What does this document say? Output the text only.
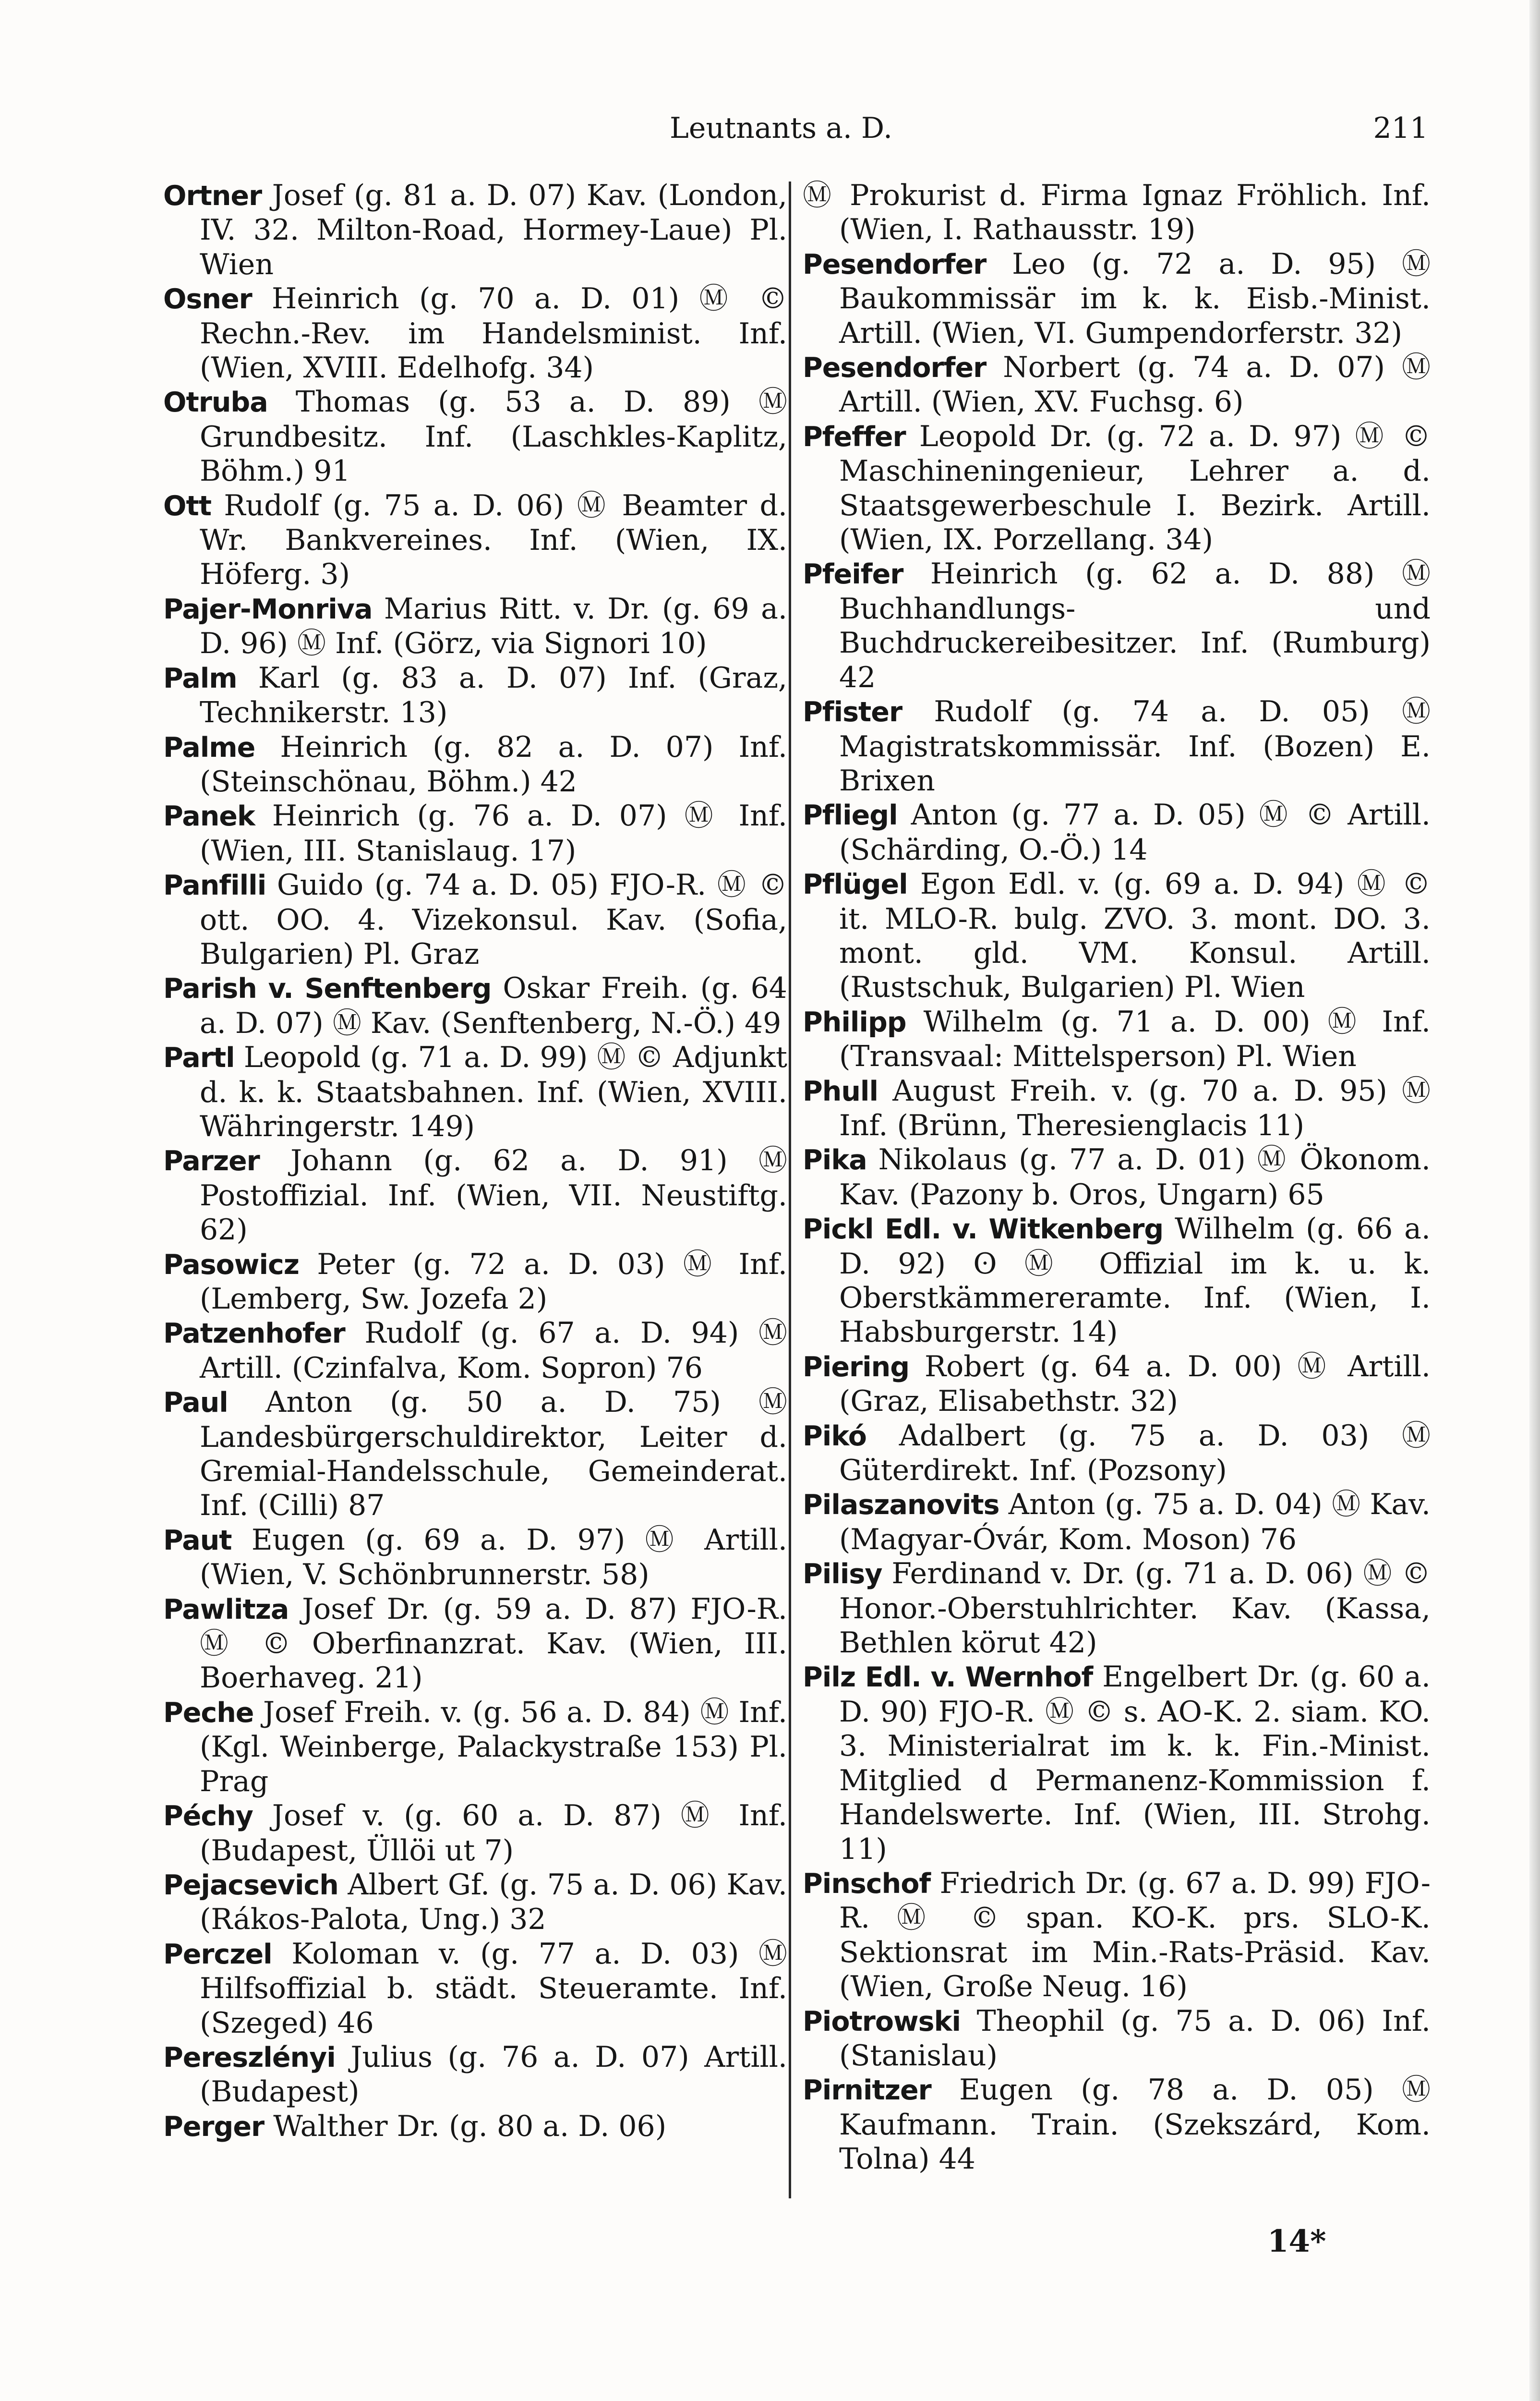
Leutnants a. D.	211

Ortner Josef (g. 81 a. D. 07) Kav. (London, IV. 32. Milton-Road, Hormey-Laue) Pl. Wien

Osner Heinrich (g. 70 a. D. 01) Ⓜ © Rechn.-Rev. im Handelsminist. Inf. (Wien, XVIII. Edelhofg. 34)

Otruba Thomas (g. 53 a. D. 89) Ⓜ Grundbesitz. Inf. (Laschkles-Kaplitz, Böhm.) 91

Ott Rudolf (g. 75 a. D. 06) Ⓜ Beamter d. Wr. Bankvereines. Inf. (Wien, IX. Höferg. 3)

Pajer-Monriva Marius Ritt. v. Dr. (g. 69 a. D. 96) Ⓜ Inf. (Görz, via Signori 10)

Palm Karl (g. 83 a. D. 07) Inf. (Graz, Technikerstr. 13)

Palme Heinrich (g. 82 a. D. 07) Inf. (Steinschönau, Böhm.) 42

Panek Heinrich (g. 76 a. D. 07) Ⓜ Inf. (Wien, III. Stanislaug. 17)

Panfilli Guido (g. 74 a. D. 05) FJO-R. Ⓜ © ott. OO. 4. Vizekonsul. Kav. (Sofia, Bulgarien) Pl. Graz

Parish v. Senftenberg Oskar Freih. (g. 64 a. D. 07) Ⓜ Kav. (Senftenberg, N.-Ö.) 49

Partl Leopold (g. 71 a. D. 99) Ⓜ © Adjunkt d. k. k. Staatsbahnen. Inf. (Wien, XVIII. Währingerstr. 149)

Parzer Johann (g. 62 a. D. 91) Ⓜ Postoffizial. Inf. (Wien, VII. Neustiftg. 62)

Pasowicz Peter (g. 72 a. D. 03) Ⓜ Inf. (Lemberg, Sw. Jozefa 2)

Patzenhofer Rudolf (g. 67 a. D. 94) Ⓜ Artill. (Czinfalva, Kom. Sopron) 76

Paul Anton (g. 50 a. D. 75) Ⓜ Landesbürgerschuldirektor, Leiter d. Gremial-Handelsschule, Gemeinderat. Inf. (Cilli) 87

Paut Eugen (g. 69 a. D. 97) Ⓜ Artill. (Wien, V. Schönbrunnerstr. 58)

Pawlitza Josef Dr. (g. 59 a. D. 87) FJO-R. Ⓜ © Oberfinanzrat. Kav. (Wien, III. Boerhaveg. 21)

Peche Josef Freih. v. (g. 56 a. D. 84) Ⓜ Inf. (Kgl. Weinberge, Palackystraße 153) Pl. Prag

Péchy Josef v. (g. 60 a. D. 87) Ⓜ Inf. (Budapest, Üllöi ut 7)

Pejacsevich Albert Gf. (g. 75 a. D. 06) Kav. (Rákos-Palota, Ung.) 32

Perczel Koloman v. (g. 77 a. D. 03) Ⓜ Hilfsoffizial b. städt. Steueramte. Inf. (Szeged) 46

Pereszlényi Julius (g. 76 a. D. 07) Artill. (Budapest)

Perger Walther Dr. (g. 80 a. D. 06)

Ⓜ Prokurist d. Firma Ignaz Fröhlich. Inf. (Wien, I. Rathausstr. 19)

Pesendorfer Leo (g. 72 a. D. 95) Ⓜ Baukommissär im k. k. Eisb.-Minist. Artill. (Wien, VI. Gumpendorferstr. 32)

Pesendorfer Norbert (g. 74 a. D. 07) Ⓜ Artill. (Wien, XV. Fuchsg. 6)

Pfeffer Leopold Dr. (g. 72 a. D. 97) Ⓜ © Maschineningenieur, Lehrer a. d. Staatsgewerbeschule I. Bezirk. Artill. (Wien, IX. Porzellang. 34)

Pfeifer Heinrich (g. 62 a. D. 88) Ⓜ Buchhandlungs- und Buchdruckereibesitzer. Inf. (Rumburg) 42

Pfister Rudolf (g. 74 a. D. 05) Ⓜ Magistratskommissär. Inf. (Bozen) E. Brixen

Pfliegl Anton (g. 77 a. D. 05) Ⓜ © Artill. (Schärding, O.-Ö.) 14

Pflügel Egon Edl. v. (g. 69 a. D. 94) Ⓜ © it. MLO-R. bulg. ZVO. 3. mont. DO. 3. mont. gld. VM. Konsul. Artill. (Rustschuk, Bulgarien) Pl. Wien

Philipp Wilhelm (g. 71 a. D. 00) Ⓜ Inf. (Transvaal: Mittelsperson) Pl. Wien

Phull August Freih. v. (g. 70 a. D. 95) Ⓜ Inf. (Brünn, Theresienglacis 11)

Pika Nikolaus (g. 77 a. D. 01) Ⓜ Ökonom. Kav. (Pazony b. Oros, Ungarn) 65

Pickl Edl. v. Witkenberg Wilhelm (g. 66 a. D. 92) ʘ Ⓜ Offizial im k. u. k. Oberstkämmereramte. Inf. (Wien, I. Habsburgerstr. 14)

Piering Robert (g. 64 a. D. 00) Ⓜ Artill. (Graz, Elisabethstr. 32)

Pikó Adalbert (g. 75 a. D. 03) Ⓜ Güterdirekt. Inf. (Pozsony)

Pilaszanovits Anton (g. 75 a. D. 04) Ⓜ Kav. (Magyar-Óvár, Kom. Moson) 76

Pilisy Ferdinand v. Dr. (g. 71 a. D. 06) Ⓜ © Honor.-Oberstuhlrichter. Kav. (Kassa, Bethlen körut 42)

Pilz Edl. v. Wernhof Engelbert Dr. (g. 60 a. D. 90) FJO-R. Ⓜ © s. AO-K. 2. siam. KO. 3. Ministerialrat im k. k. Fin.-Minist. Mitglied d Permanenz-Kommission f. Handelswerte. Inf. (Wien, III. Strohg. 11)

Pinschof Friedrich Dr. (g. 67 a. D. 99) FJO-R. Ⓜ © span. KO-K. prs. SLO-K. Sektionsrat im Min.-Rats-Präsid. Kav. (Wien, Große Neug. 16)

Piotrowski Theophil (g. 75 a. D. 06) Inf. (Stanislau)

Pirnitzer Eugen (g. 78 a. D. 05) Ⓜ Kaufmann. Train. (Szekszárd, Kom. Tolna) 44

14*
